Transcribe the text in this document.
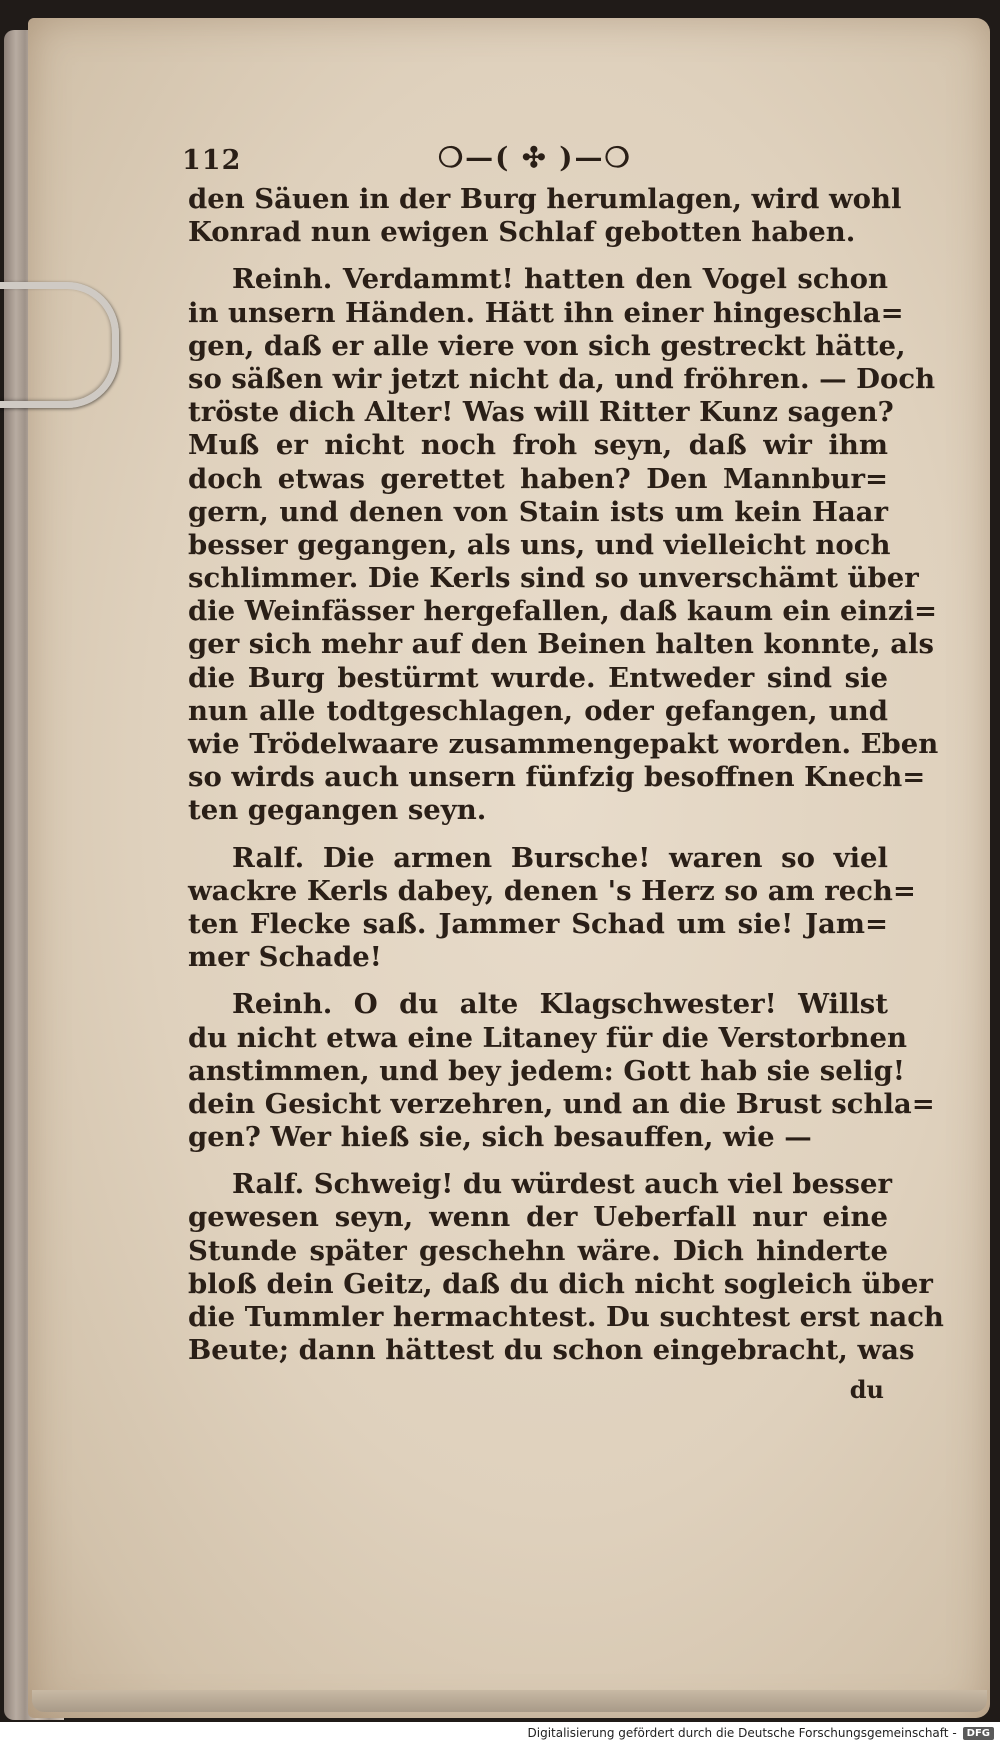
112	❍—( ✣ )—❍
den Säuen in der Burg herumlagen, wird wohl
Konrad nun ewigen Schlaf gebotten haben.
Reinh. Verdammt! hatten den Vogel schon
in unsern Händen. Hätt ihn einer hingeschla=
gen, daß er alle viere von sich gestreckt hätte,
so säßen wir jetzt nicht da, und fröhren. — Doch
tröste dich Alter! Was will Ritter Kunz sagen?
Muß er nicht noch froh seyn, daß wir ihm
doch etwas gerettet haben? Den Mannbur=
gern, und denen von Stain ists um kein Haar
besser gegangen, als uns, und vielleicht noch
schlimmer. Die Kerls sind so unverschämt über
die Weinfässer hergefallen, daß kaum ein einzi=
ger sich mehr auf den Beinen halten konnte, als
die Burg bestürmt wurde. Entweder sind sie
nun alle todtgeschlagen, oder gefangen, und
wie Trödelwaare zusammengepakt worden. Eben
so wirds auch unsern fünfzig besoffnen Knech=
ten gegangen seyn.
Ralf. Die armen Bursche! waren so viel
wackre Kerls dabey, denen 's Herz so am rech=
ten Flecke saß. Jammer Schad um sie! Jam=
mer Schade!
Reinh. O du alte Klagschwester! Willst
du nicht etwa eine Litaney für die Verstorbnen
anstimmen, und bey jedem: Gott hab sie selig!
dein Gesicht verzehren, und an die Brust schla=
gen? Wer hieß sie, sich besauffen, wie —
Ralf. Schweig! du würdest auch viel besser
gewesen seyn, wenn der Ueberfall nur eine
Stunde später geschehn wäre. Dich hinderte
bloß dein Geitz, daß du dich nicht sogleich über
die Tummler hermachtest. Du suchtest erst nach
Beute; dann hättest du schon eingebracht, was
du
Digitalisierung gefördert durch die Deutsche Forschungsgemeinschaft -	DFG
